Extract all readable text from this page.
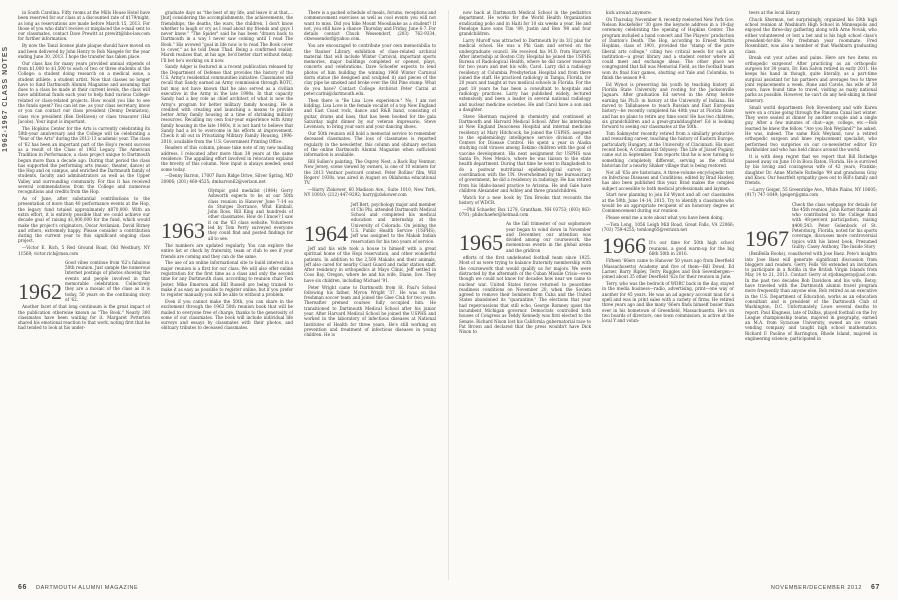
1962-1967 CLASS NOTES

in South Carolina. Fifty rooms at the Mills House Hotel have been reserved for our class at a discounted rate of $179/night, as long as reservations are made before March 15, 2013. For those of you who didn't receive or misplaced the e-mail sent to our classmates, contact Dave Prewitt at prewitt@bbs-law.com for further information.

By now the Tanzi license plate plaque should have moved on and been delivered by John Henry to Bob Naegele for the year ending June 30, 2013. I hope the transfer has taken place.

Our class has for many years provided annual stipends of from $1,000 to $1,500 to each of two or three students at the College: a student doing research on a medical issue, a student athlete, a student artist. Now that classes no longer have to fund Dartmouth Alumni Magazine and assuming that dues to a class be made at their current levels, the class will have additional funds each year to help fund various College-related or class-related projects. How would you like to see the funds spent? You can let me, as your class secretary, know or you can contact our class president (Denny Denniston), class vice president (Ken DeHaven) or class treasurer (Hal Jacobs). Your input is important.

The Hopkins Center for the Arts is currently celebrating its 50th-year anniversary and the College will be celebrating a "Year of the Arts" during the 2012-13 academic year. The class of '62 has been an important part of the Hop's recent success as a result of the Class of 1962 Legacy. The American Tradition in Performance, a class project unique to Dartmouth begun more than a decade ago. During that period the class has supported the performing arts (music, theater, dance) at the Hop and on campus, and enriched the Dartmouth family of students, faculty and administrators as well as the Upper Valley and surrounding community. For this it has received several commendations from the College and numerous recognitions and credits from the Hop.

As of June, after substantial contributions to the presentation of more than 40 performance events at the Hop, the legacy fund totaled approximately $870,000. With an extra effort, it is entirely possible that we could achieve our decade goal of raising $1,000,000 for the fund, which would make the project's originators, Oscar Arslanian, David Birney and others, extremely happy. Please consider a contribution during the current year to this significant ongoing class project.

—Victor E. Rich, 5 Red Ground Road, Old Westbury, NY 11568; victor.rich@msn.com

1962
Good vibes continue from '62's fabulous 50th reunion. Just sample the numerous Internet postings of photos showing the events and people involved in that memorable celebration. Collectively they are a mosaic of the class as it is today, 50 years on the continuing story of '62.

Another facet of that long continuum is the great impact of the publication otherwise known as "The Book." Nearly 300 classmates have been waiting for it. Margaret Potterton shared his emotional reaction to that work, noting first that he had tended to look at his under-

graduate days as "the best of my life, and leave it at that....[but] considering the accomplishments, the achievements, the friendships, the deaths, the wars, the children, I don't know whether to laugh or cry as I read about my friends and guys I never knew." "The Spider" said he has been "drawn back to Dartmouth in a way I never saw coming until I read The Book." His avowed "goal in life now is to read The Book cover to cover," as he told Dean Thad. Being a confirmed realist, Marsh realizes that, at his age, he'd better start without delay. I'll bet he's working on it now.

Sandy Adger is featured in a recent publication released by the Department of Defense that provides the history of the U.S. Army's residential communities initiative. Classmates will recall that Sandy earned an Army commission through ROTC, but may not have known that he also served as a civilian executive in the Army in the late 1990s. In that capacity Sandy had a key role as chief architect of what is now the Army's program for better military family housing. He is credited with creating and launching a means to provide better Army family housing at a time of shrinking military resources. Recalling my own four-year experience with Army family housing in the late 1960s, it is not hard to believe that Sandy had a lot to overcome in his efforts at improvement. Check it all out in Privatizing Military Family Housing, 1996-2010, available from the U.S. Government Printing Office.

Readers of this column, please take note of my new mailing address. I relocated after more than 38 years at the same residence. The appalling effort involved in relocation explains the brevity of this column. New input is always needed; send some today.

—Denny Barron, 17007 Barn Ridge Drive, Silver Spring, MD 20906; (301) 460-4525; dmbarron62@verizon.net

1963
Olympic gold medalist (1964) Gerry Ashworth expects to be at our 50th class reunion in Hanover June 7-14 so do Sturges Dorrance, Whit Kimball, John Ross, Bill King and hundreds of other classmates. How do I know? I saw it on the '63 class website. Volunteers led by Tom Perry surveyed everyone they could find and posted findings for all to see.

The numbers are updated regularly. You can explore the entire list or check by fraternity, team or club to see if your friends are coming and they can do the same.

The use of an online informational site to build interest in a major reunion is a first for our class. We will also offer online registration for the first time as a class and only the second time for any Dartmouth class, according to reunion chair Tom Jester. Mike Emerson and Bill Russell are being trained to make it as easy as possible to register online, but if you prefer to register manually you will be able to without a problem.

Even if you cannot make the 50th, you can share in the excitement through the 1963 50th reunion book that will be mailed to everyone free of charge, thanks to the generosity of some of our classmates. The book will include individual life surveys and essays by classmates with their photos, and obituary tributes to deceased classmates.

There is a packed schedule of meals, forums, receptions and commencement exercises as well as cool events you will not want to miss. Did you hike Mount Moosilauke as a student? If not, you still have a chance Thursday and Friday, June 6-7. For details contact Chuck Wessendorf, (203) 762-9334, ckwessendorf@yahoo.com.

You are encouraged to contribute your own memorabilia to the Rauner Library exhibition of class-related archival material that will include Winter Carnival, important sports memories, major buildings completed or opened, plays, concerts and celebrations. Dave Schoefer expects to lend photos of him building the winning 1960 Winter Carnival dorm statue (he designed and sculpted it) and pieces of the clay pipe he smoked and broke over the Old Pine stump. What do you have? Contact College Archivist Peter Carini at peter.carini@dartmouth.edu.

Then there is "Be Lisa Love experience." No, I am not kidding. Lisa Love is the female vocalist of a top New England and East Coast rock, dance and R&B band, consisting of guitar, drums and bass, that has been booked for the gala Saturday night dinner by our veteran impresario, Steve Levenson, to bring your ears and your dancing shoes.

Our 50th reunion will hold a memorial service to remember deceased classmates. The loss of classmates is reported regularly in the newsletter, this column and obituary section of the online Dartmouth Alumni Magazine when sufficient information is available.

Bill Sullen's painting, The Osprey Nest, a Back Bay Ventnor, New Jersey, scene viewed by owners, is one of 10 winners for the 2013 Ventnor postcard contest. Peter Rollins' film, Will Rogers' 1930s, was aired in August on Oklahoma educational TV.

—Harry Zlokower, 60 Madison Ave., Suite 1010, New York, NY 10010; (212) 447-9292; harry@zlokower.com

1964
Jeff Bert, psychology major and member of Chi Phi, attended Dartmouth Medical School and completed his medical education and internship at the University of Colorado. On joining the U.S. Public Health Service (USPHS), Jeff was assigned to the Makah Indian reservation for his two years of service.

Jeff and his wife took a house to himself with a great spiritual home of the Hopi reservation, and other wonderful patients. In addition to the 2,500 Makahs and their animals, Jeff also cared for nearby Coast Guard and radar station staff. After residency in orthopedics at Mayo Clinic, Jeff settled in Coos Bay, Oregon, where he and his wife, Diane, live. They have six children, including Michael '91.

Peter Wright came to Dartmouth from St. Paul's School following his father, Myron Wright '37. He was on the freshman soccer team and joined the Glee Club for two years. Thereafter premed courses fully occupied him. He transitioned to Dartmouth Medical School after his junior year. After Harvard Medical School he joined the USPHS and worked in the laboratory of infectious diseases at National Institutes of Health for three years. He's still working on prevention and treatment of infectious diseases in young children. He is

now back at Dartmouth Medical School in the pediatrics department. He works for the World Health Organization eradicating polio and in Haiti for 10 six weeks a year. He and Penelope have sons Tim '89, Justin and Ben '98 and four grandchildren.

Larry Muroff was attracted to Dartmouth by its 3/2 plan for medical school. He was a Phi Gam and served on the undergraduate council. He received his M.D. from Harvard. After internship at Boston City Hospital he joined the USPHS Bureau of Radiological Health, where he did cancer research for two years and met his wife, Carol. Larry did a radiology residency at Columbia Presbyterian Hospital and from there joined the staff. He practiced radiology in Tampa, Florida, for 20 years and taught at two medical schools in Florida. For the past 18 years he has been a consultant to hospitals and radiology practices. Larry has published widely, lectured extensively and been a leader in several national radiology and nuclear medicine societies. He and Carol have a son and a daughter.

Steve Sherman majored in chemistry and continued at Dartmouth and Harvard Medical School. After his internship at New England Deaconess Hospital and internal medicine residency at Mary Hitchcock, he joined the USPHS, assigned to the epidemiology intelligence service division of the Centers for Disease Control. He spent a year in Alaska studying cold viruses among Eskimo children with the goal of vaccine development. His next assignment for USPHS was Santa Fe, New Mexico, where he was liaison to the state health department. During that time he went to Bangladesh to do a postwar nutritional epidemiological survey in coordination with the UN. Overwhelmed by the bureaucracy of government, he did a residency in radiology. He has retired from his Idaho-based practice to Arizona. He and Gale have children Alexander and Ashley and three grandchildren.

Watch for a new book by Tim Brooks that recounts the history of WDCR.

—Phil Schaefer, Box 1278, Grantham, NH 03753; (603) 863-0781; philschaefer@hotmail.com

1965
As the fall trimester of our sophomore year began to wind down in November and December, our attention was divided among our coursework, the momentous events in the global arena and the gridiron

efforts of the first undefeated football team since 1925. Most of us were trying to balance fraternity membership with the coursework that would qualify us for majors. We were distracted by the aftermath of the Cuban Missile Crisis—even though we could not know for decades how near we came to nuclear war. United States forces returned to peacetime readiness conditions on November 20, when the Soviets agreed to remove their bombers from Cuba and the United States abandoned its "quarantine." The elections that year had repercussions that still echo. George Romney upset the incumbent Michigan governor. Democrats controlled both houses of Congress as Teddy Kennedy was first elected to the Senate. Richard Nixon lost his California gubernatorial race to Pat Brown and declared that the press wouldn't have Dick Nixon to

kick around anymore.

On Thursday, November 8, recently reelected New York Gov. Nelson Rockefeller '30 gave the keynote address in a 10-day ceremony celebrating the opening of Hopkins Center. The program included a band concert and The Players' production of Danton's Death. The Hop, according to Ernest Martin Hopkins, class of 1901, provided the "stamp of the pure liberal arts college," citing two critical needs for such an institution—a great library and a student center where all could meet and exchange ideas. The other place we congregated that fall was Memorial Field, as the football team won its final four games, shutting out Yale and Columbia, to finish the season 9-0.

Ed Wynot is preserving his youth by teaching history at Florida State University and rooting for the Jacksonville Jaguars. After graduation Ed served in the Army before earning his Ph.D. in history at the University of Indiana. He moved to Tallahassee to teach Russian and East European history—he recently completed his 40th year at Florida State and has no plans to retire any time soon! He has two children, six grandchildren and a great-granddaughter! Ed is looking forward to seeing our classmates at the 50th.

Tom Sakmyster recently retired from a similarly productive and rewarding career, teaching the history of Eastern Europe, particularly Hungary, at the University of Cincinnati. His most recent book, A Communist Odyssey: The Life of József Pogány, came out in September. Tom reports that he is now turning to something completely different, serving as the official historian for a nearby Shaker village that is being restored.

Not all '65s are historians. A three-volume encyclopedic text on Infectious Diseases and Conditions, edited by Brad Hawley, has also been published this year. Brad makes the complex subject accessible to both medical professionals and laymen.

Start now planning to join Ed Wynot and all our classmates at the 50th, June 14-14, 2015. Try to identify a classmate who would be an appropriate recipient of an honorary degree at Commencement during our reunion.

Please send me a note about what you have been doing.

—Tom Long, 1056 Leigh Mill Road, Great Falls, VA 22066; (703) 759-4255; tomlong65@verizon.net

1966 It's our time for 50th high school reunions, a good warm-up for the big 66th 50th in 2016.

Fifteen '66ers came to Hanover 50 years ago from Deerfield (Massachusetts) Academy and five of them—Bill Dowd, Ed Larner, Barry Ripley, Terry Ruggles and Bob Sevenbergen—joined about 35 other Deerfield '62s for their reunion in June.

Terry, who was the bedrock of WDRC back in the day, stayed in the media business—radio, advertising, print—one way or another for 45 years. He was an ad agency account man for a spell and was in print sales with a variety of firms. He retired three years ago and like many '66ers finds himself busier than ever in his hometown of Greenfield, Massachusetts. He's on two boards of directors, one town commission, is active at the local Y and volun-

teers at the local library.

Chuck Sherman, not surprisingly, organized his 50th high school reunion at Washburn High School in Minneapolis and enjoyed the three-day gathering along with Arne Novak, who either volunteered or lost a bet and is his high school class's president-for-life. My freshman year roommate, Fred Rosenblatt, was also a member of that Washburn graduating class.

Break out your aches and pains. Here are two items on orthopedic surgeons! After practicing as an orthopedic surgeon for 30 years, Dr. Ken Salvin retired in early 2011. He keeps his hand in though, quite literally, as a part-time surgical assistant for his partners and averages two to three joint replacements a week. Rune and Carole, his wife of 38 years, have found time to travel, visiting as many national parks as possible. However, he can't do any heli-skiing in their itinerary.

Small world department: Bob Stevenberg and wife Karen were on a cruise going through the Panama Canal last winter. They were seated at dinner by another couple and a single guy. After a few minutes of chat—age, college, etc.—Bob learned he knew the fellow. "Are you Rob Weyland?" he asked. He was, indeed. The same Rick Weyland, now a retired orthopedic surgeon and knee replacement specialist, who performed two surgeries on our co-newsletter editor Erv Burkholder and who has held clinics around the world.

It is with deep regret that we report that Bill Rutledge passed away on June 10 in Boca Raton, Florida. He is survived by his loving and courageous wife of 42 years, Frankie; daughter Dr. Anne Michele Rutledge '99 and grandsons Gray and Knox. Our heartfelt sympathy goes out to Bill's family and friends.

—Larry Geiger, 55 Greenridge Ave., White Plains, NY 10605; (917) 747-1649; lgeiger@gma.com

1967
Check the class webpage for details for the 45th reunion. John Kornet thanks all who contributed to the College fund with 48-percent participation, raising $400,543. Peter Golenbock of St. Petersburg, Florida, noted for his sports coverage, discusses more controversial topics with his latest book, Presumed Guilty: Casey Anthony, The Inside Story

(BenBella Books), coauthored with Jose Baez. Pete's insights into Jose Baez will generate significant discussion from bloggers and readers. Gerry Fells '68 extended an invitation to participate in a flotilla in the British Virgin Islands from May 14 to 21, 2013. Contact Gerry at stjohnsgeray@aol.com. In the past two decades Bob Davidson and his wife, Betsy, have traveled with the Dartmouth alumni travel program more frequently than anyone else. Bob retired as an executive in the U.S. Department of Education, works as an education consultant and is president of the Dartmouth Club of Washington, D.C. Unfortunately, Lowe several deaths to report. Paul Klugness, late of Dallas, played football on the Ivy League championship teams, majored in geography, earned an M.A. from Syracuse University, owned an ice cream vending company and taught high school mathematics. Richard F. Paolino of Barrington, Rhode Island, majored in engineering science; participated in

66 DARTMOUTH ALUMNI MAGAZINE	NOVEMBER/DECEMBER 2012 67
